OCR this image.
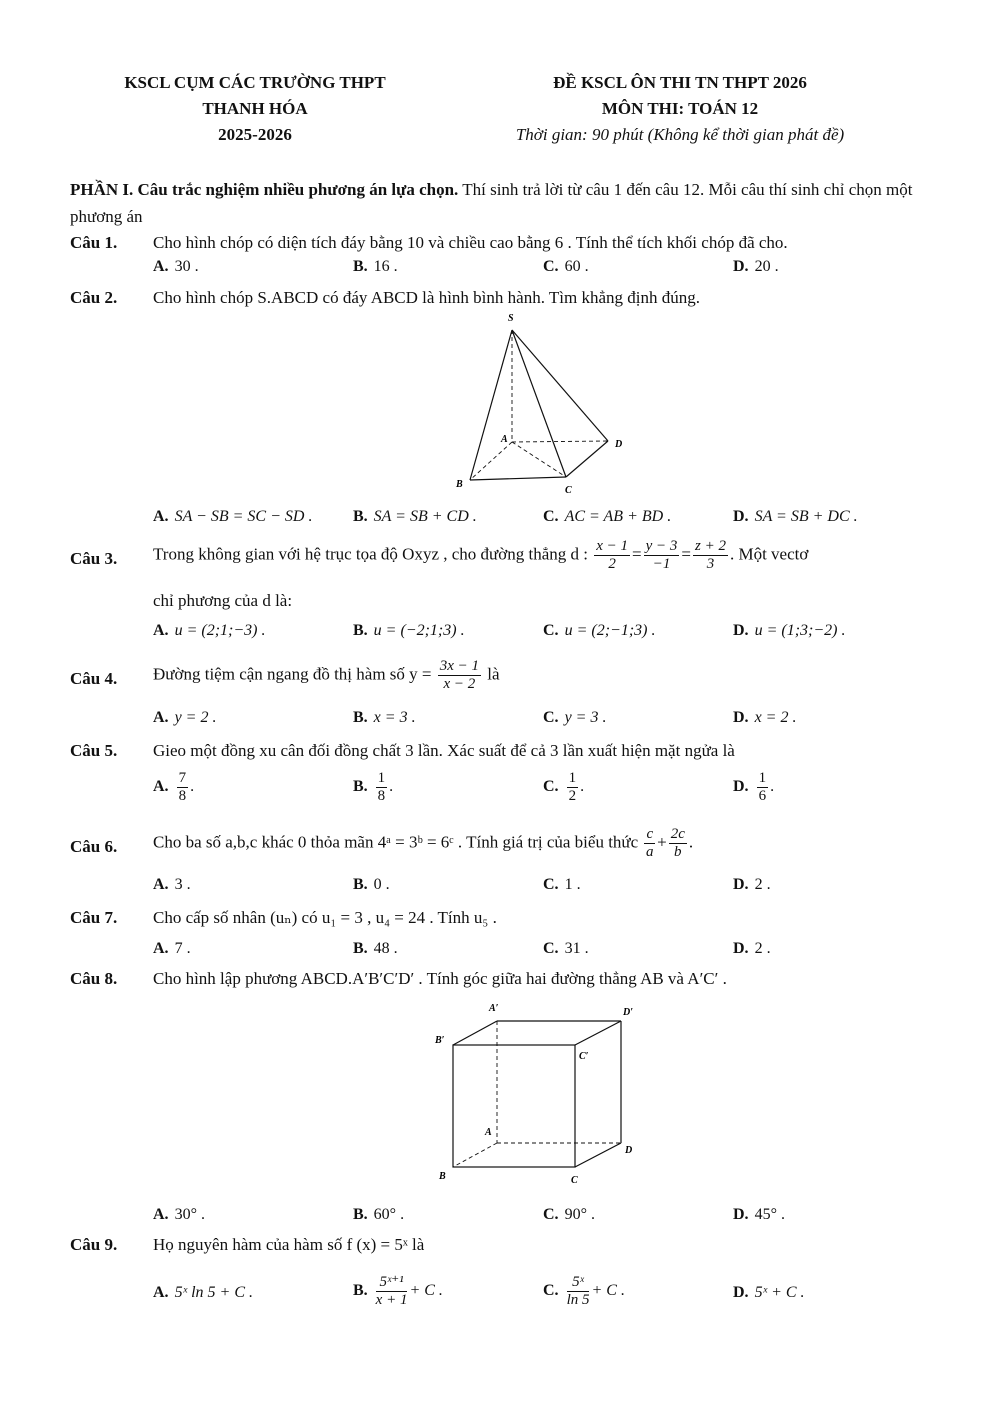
KSCL CỤM CÁC TRƯỜNG THPT
THANH HÓA
2025-2026
ĐỀ KSCL ÔN THI TN THPT 2026
MÔN THI: TOÁN 12
Thời gian: 90 phút (Không kể thời gian phát đề)
PHẦN I. Câu trắc nghiệm nhiều phương án lựa chọn. Thí sinh trả lời từ câu 1 đến câu 12. Mỗi câu thí sinh chỉ chọn một phương án
Câu 1. Cho hình chóp có diện tích đáy bằng 10 và chiều cao bằng 6 . Tính thể tích khối chóp đã cho.
A. 30 .	B. 16 .	C. 60 .	D. 20 .
Câu 2. Cho hình chóp S.ABCD có đáy ABCD là hình bình hành. Tìm khẳng định đúng.
S
A	D
B
C
A. SA − SB = SC − SD .	B. SA = SB + CD .	C. AC = AB + BD .	D. SA = SB + DC .
Câu 3. Trong không gian với hệ trục tọa độ Oxyz , cho đường thẳng d : $\frac{x - 1}{2} = \frac{y - 3}{-1} = \frac{z + 2}{3}$ . Một vectơ
chỉ phương của d là:
A. u = (2;1;−3) .	B. u = (−2;1;3) .	C. u = (2;−1;3) .	D. u = (1;3;−2) .
Câu 4. Đường tiệm cận ngang đồ thị hàm số $y = \frac{3x - 1}{x - 2}$ là
A. y = 2 .	B. x = 3 .	C. y = 3 .	D. x = 2 .
Câu 5. Gieo một đồng xu cân đối đồng chất 3 lần. Xác suất để cả 3 lần xuất hiện mặt ngửa là
A. $\frac{7}{8}$ .	B. $\frac{1}{8}$ .	C. $\frac{1}{2}$ .	D. $\frac{1}{6}$ .
Câu 6. Cho ba số a,b,c khác 0 thỏa mãn 4ᵃ = 3ᵇ = 6ᶜ . Tính giá trị của biểu thức $\frac{c}{a} + \frac{2c}{b}$ .
A. 3 .	B. 0 .	C. 1 .	D. 2 .
Câu 7. Cho cấp số nhân (uₙ) có u₁ = 3 , u₄ = 24 . Tính u₅ .
A. 7 .	B. 48 .	C. 31 .	D. 2 .
Câu 8. Cho hình lập phương ABCD.A′B′C′D′ . Tính góc giữa hai đường thẳng AB và A′C′ .
A′	D′
B′
C′
A
D
B	C
A. 30° .	B. 60° .	C. 90° .	D. 45° .
Câu 9. Họ nguyên hàm của hàm số f (x) = 5ˣ là
A. 5ˣ ln 5 + C .	B. $\frac{\text{5ˣ⁺¹}}{x + 1} + C$ .	C. $\frac{\text{5ˣ}}{\ln 5} + C$ .	D. 5ˣ + C .
